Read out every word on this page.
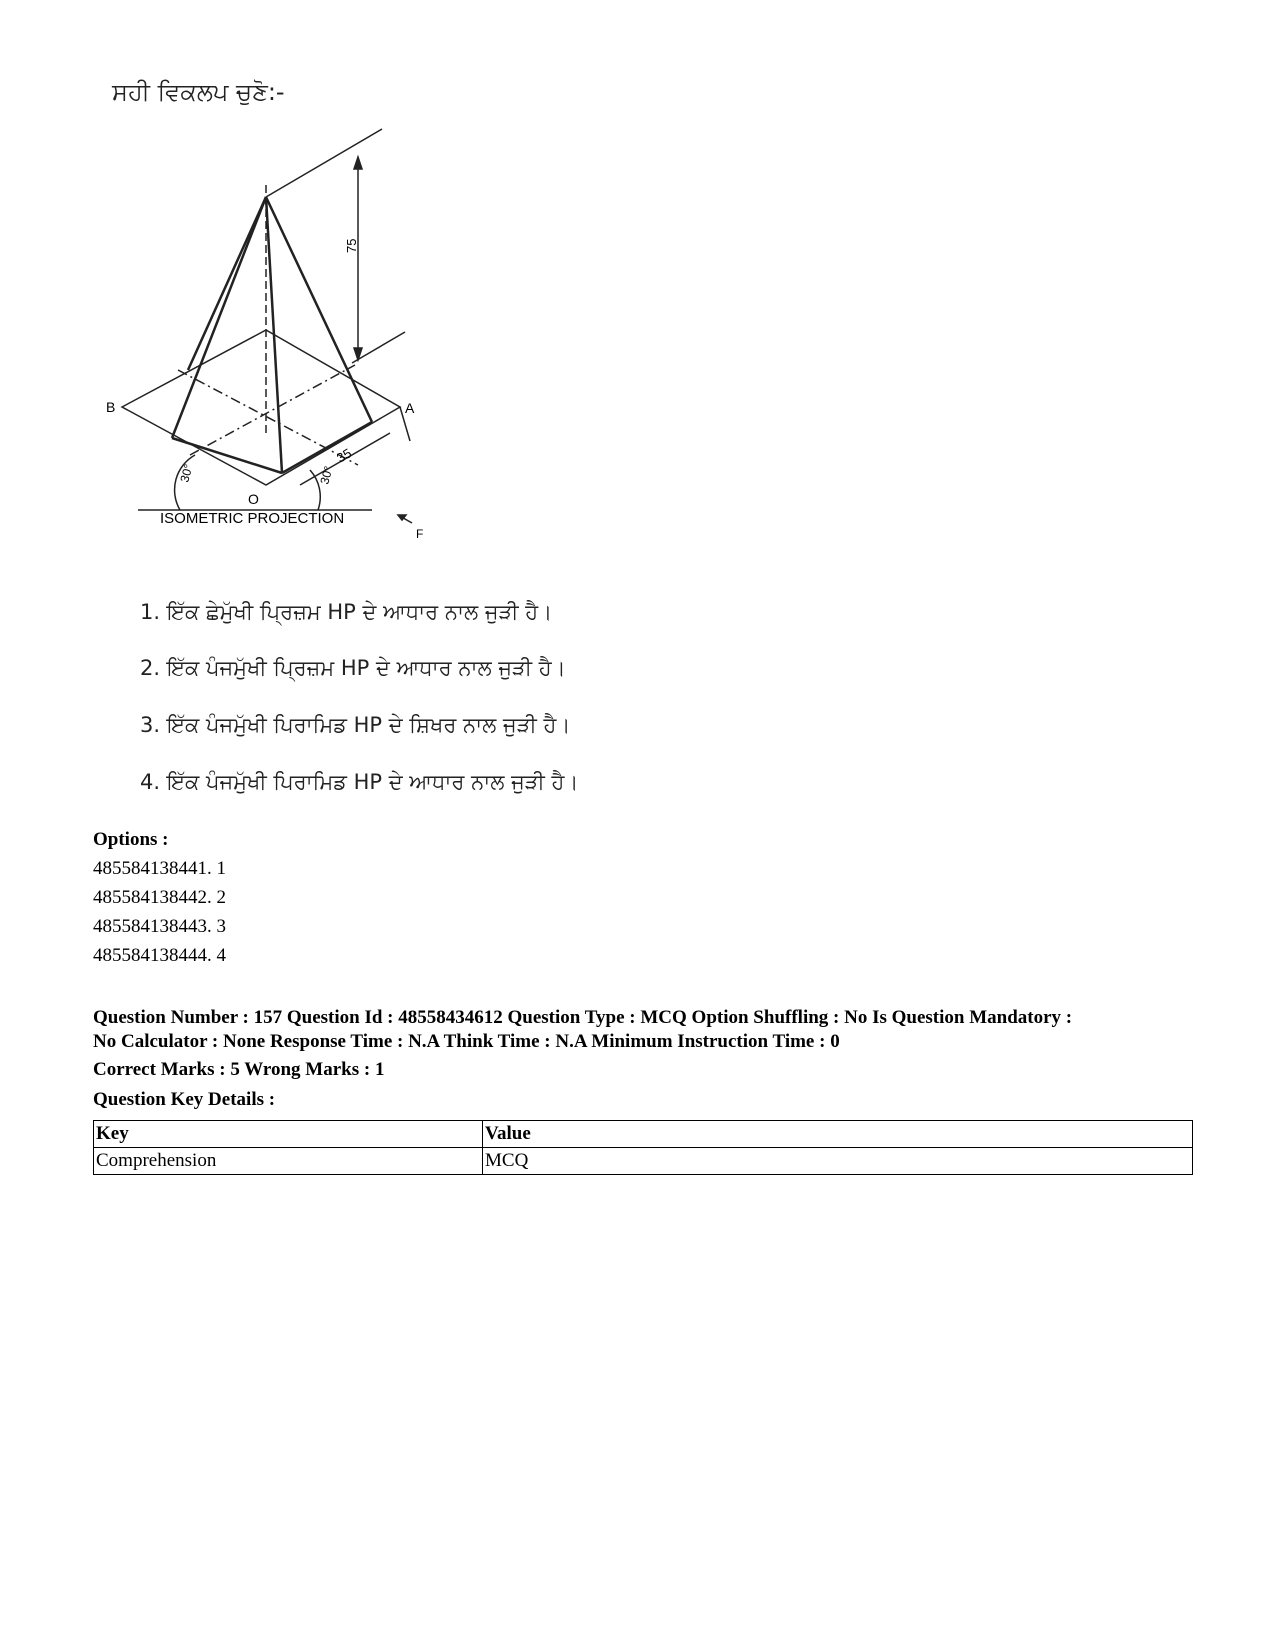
ਸਹੀ ਵਿਕਲਪ ਚੁਣੋ:-
75
35
30°	30°
B	A
O
F
ISOMETRIC PROJECTION
1. ਇੱਕ ਛੇਮੁੱਖੀ ਪ੍ਰਿਜ਼ਮ HP ਦੇ ਆਧਾਰ ਨਾਲ ਜੁੜੀ ਹੈ।
2. ਇੱਕ ਪੰਜਮੁੱਖੀ ਪ੍ਰਿਜ਼ਮ HP ਦੇ ਆਧਾਰ ਨਾਲ ਜੁੜੀ ਹੈ।
3. ਇੱਕ ਪੰਜਮੁੱਖੀ ਪਿਰਾਮਿਡ HP ਦੇ ਸ਼ਿਖਰ ਨਾਲ ਜੁੜੀ ਹੈ।
4. ਇੱਕ ਪੰਜਮੁੱਖੀ ਪਿਰਾਮਿਡ HP ਦੇ ਆਧਾਰ ਨਾਲ ਜੁੜੀ ਹੈ।
Options :
485584138441. 1
485584138442. 2
485584138443. 3
485584138444. 4
Question Number : 157 Question Id : 48558434612 Question Type : MCQ Option Shuffling : No Is Question Mandatory :
No Calculator : None Response Time : N.A Think Time : N.A Minimum Instruction Time : 0
Correct Marks : 5 Wrong Marks : 1
Question Key Details :
Key	Value
Comprehension	MCQ
